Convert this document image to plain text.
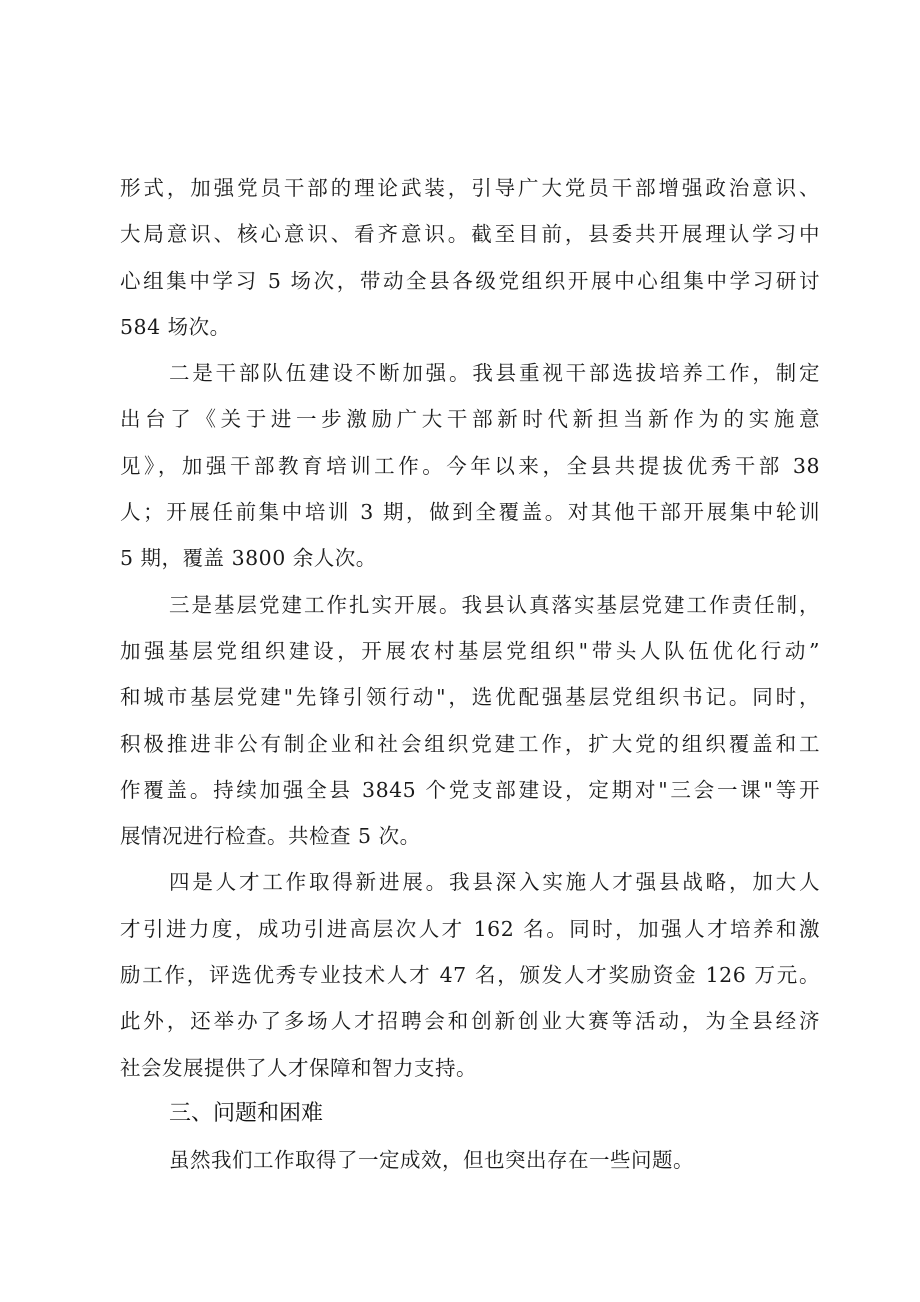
形式，加强党员干部的理论武装，引导广大党员干部增强政治意识、
大局意识、核心意识、看齐意识。截至目前，县委共开展理认学习中
心组集中学习 5 场次，带动全县各级党组织开展中心组集中学习研讨
584 场次。
二是干部队伍建设不断加强。我县重视干部选拔培养工作，制定
出台了《关于进一步激励广大干部新时代新担当新作为的实施意
见》，加强干部教育培训工作。今年以来，全县共提拔优秀干部 38
人；开展任前集中培训 3 期，做到全覆盖。对其他干部开展集中轮训
5 期，覆盖 3800 余人次。
三是基层党建工作扎实开展。我县认真落实基层党建工作责任制，
加强基层党组织建设，开展农村基层党组织"带头人队伍优化行动”
和城市基层党建"先锋引领行动"，选优配强基层党组织书记。同时，
积极推进非公有制企业和社会组织党建工作，扩大党的组织覆盖和工
作覆盖。持续加强全县 3845 个党支部建设，定期对"三会一课"等开
展情况进行检查。共检查 5 次。
四是人才工作取得新进展。我县深入实施人才强县战略，加大人
才引进力度，成功引进高层次人才 162 名。同时，加强人才培养和激
励工作，评选优秀专业技术人才 47 名，颁发人才奖励资金 126 万元。
此外，还举办了多场人才招聘会和创新创业大赛等活动，为全县经济
社会发展提供了人才保障和智力支持。
三、问题和困难
虽然我们工作取得了一定成效，但也突出存在一些问题。
